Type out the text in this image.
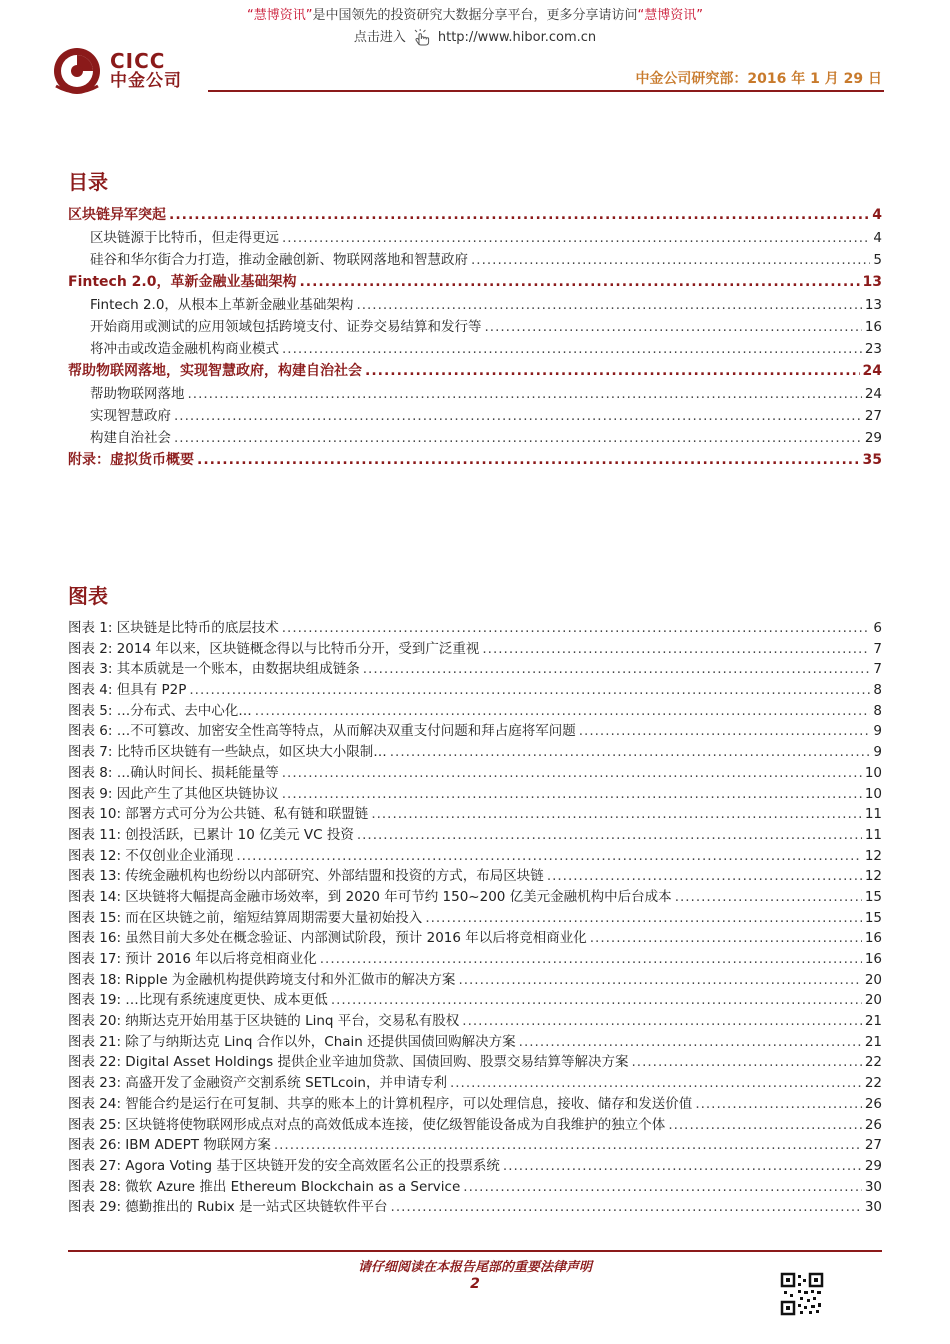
“慧博资讯”是中国领先的投资研究大数据分享平台，更多分享请访问“慧博资讯”
点击进入 http://www.hibor.com.cn
CICC
中金公司	中金公司研究部：2016 年 1 月 29 日
目录
区块链异军突起 .....	4
区块链源于比特币，但走得更远 .....	4
硅谷和华尔街合力打造，推动金融创新、物联网落地和智慧政府 .....	5
Fintech 2.0，革新金融业基础架构 .....	13
Fintech 2.0，从根本上革新金融业基础架构 .....	13
开始商用或测试的应用领域包括跨境支付、证券交易结算和发行等 .....	16
将冲击或改造金融机构商业模式 .....	23
帮助物联网落地，实现智慧政府，构建自治社会 .....	24
帮助物联网落地 .....	24
实现智慧政府 .....	27
构建自治社会 .....	29
附录：虚拟货币概要 .....	35
图表
图表 1: 区块链是比特币的底层技术 .....	6
图表 2: 2014 年以来，区块链概念得以与比特币分开，受到广泛重视 .....	7
图表 3: 其本质就是一个账本，由数据块组成链条 .....	7
图表 4: 但具有 P2P .....	8
图表 5: …分布式、去中心化… .....	8
图表 6: …不可篡改、加密安全性高等特点，从而解决双重支付问题和拜占庭将军问题 .....	9
图表 7: 比特币区块链有一些缺点，如区块大小限制… .....	9
图表 8: …确认时间长、损耗能量等 .....	10
图表 9: 因此产生了其他区块链协议 .....	10
图表 10: 部署方式可分为公共链、私有链和联盟链 .....	11
图表 11: 创投活跃，已累计 10 亿美元 VC 投资 .....	11
图表 12: 不仅创业企业涌现 .....	12
图表 13: 传统金融机构也纷纷以内部研究、外部结盟和投资的方式，布局区块链 .....	12
图表 14: 区块链将大幅提高金融市场效率，到 2020 年可节约 150~200 亿美元金融机构中后台成本 .....	15
图表 15: 而在区块链之前，缩短结算周期需要大量初始投入 .....	15
图表 16: 虽然目前大多处在概念验证、内部测试阶段，预计 2016 年以后将竞相商业化 .....	16
图表 17: 预计 2016 年以后将竞相商业化 .....	16
图表 18: Ripple 为金融机构提供跨境支付和外汇做市的解决方案 .....	20
图表 19: …比现有系统速度更快、成本更低 .....	20
图表 20: 纳斯达克开始用基于区块链的 Linq 平台，交易私有股权 .....	21
图表 21: 除了与纳斯达克 Linq 合作以外，Chain 还提供国债回购解决方案 .....	21
图表 22: Digital Asset Holdings 提供企业辛迪加贷款、国债回购、股票交易结算等解决方案 .....	22
图表 23: 高盛开发了金融资产交割系统 SETLcoin，并申请专利 .....	22
图表 24: 智能合约是运行在可复制、共享的账本上的计算机程序，可以处理信息，接收、储存和发送价值 .....	26
图表 25: 区块链将使物联网形成点对点的高效低成本连接，使亿级智能设备成为自我维护的独立个体 .....	26
图表 26: IBM ADEPT 物联网方案 .....	27
图表 27: Agora Voting 基于区块链开发的安全高效匿名公正的投票系统 .....	29
图表 28: 微软 Azure 推出 Ethereum Blockchain as a Service .....	30
图表 29: 德勤推出的 Rubix 是一站式区块链软件平台 .....	30
请仔细阅读在本报告尾部的重要法律声明
2
